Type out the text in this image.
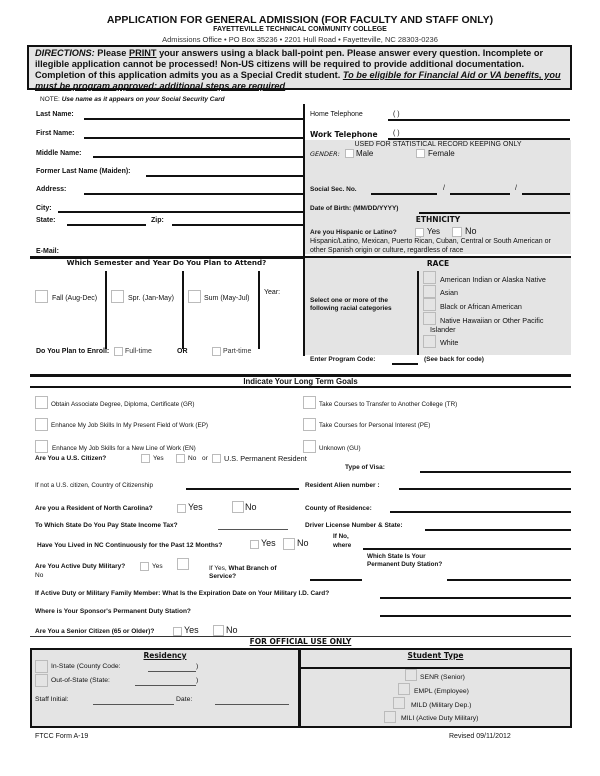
APPLICATION FOR GENERAL ADMISSION (FOR FACULTY AND STAFF ONLY)
FAYETTEVILLE TECHNICAL COMMUNITY COLLEGE
Admissions Office • PO Box 35236 • 2201 Hull Road • Fayetteville, NC 28303-0236
DIRECTIONS: Please PRINT your answers using a black ball-point pen. Please answer every question. Incomplete or illegible application cannot be processed! Non-US citizens will be required to provide additional documentation. Completion of this application admits you as a Special Credit student. To be eligible for Financial Aid or VA benefits, you must be program approved; additional steps are required.
NOTE: Use name as it appears on your Social Security Card
Last Name:
First Name:
Middle Name:
Former Last Name (Maiden):
Address:
City:
State:	Zip:
E-Mail:
Home Telephone	( )
Work Telephone ( )
USED FOR STATISTICAL RECORD KEEPING ONLY
GENDER: Male	Female
Social Sec. No.	/	/
Date of Birth: (MM/DD/YYYY)
ETHNICITY
Are you Hispanic or Latino?	Yes	No
Hispanic/Latino, Mexican, Puerto Rican, Cuban, Central or South American or other Spanish origin or culture, regardless of race
Which Semester and Year Do You Plan to Attend?
Fall (Aug-Dec)	Spr. (Jan-May)	Sum (May-Jul)
Year:
Do You Plan to Enroll: Full-time	OR	Part-time
RACE
Select one or more of the following racial categories
American Indian or Alaska Native
Asian
Black or African American
Native Hawaiian or Other Pacific
Islander
White
Enter Program Code:	(See back for code)
Indicate Your Long Term Goals
Obtain Associate Degree, Diploma, Certificate (GR)
Enhance My Job Skills In My Present Field of Work (EP)
Enhance My Job Skills for a New Line of Work (EN)
Take Courses to Transfer to Another College (TR)
Take Courses for Personal Interest (PE)
Unknown (GU)
Are You a U.S. Citizen?	Yes	No or U.S. Permanent Resident
Type of Visa:
If not a U.S. citizen, Country of Citizenship	Resident Alien number :
Are you a Resident of North Carolina?	Yes	No	County of Residence:
To Which State Do You Pay State Income Tax?	Driver License Number & State:
Have You Lived in NC Continuously for the Past 12 Months?	Yes No
If No,
where
Are You Active Duty Military?	Yes
No
If Yes, What Branch of
Service?
Which State Is Your Permanent Duty Station?
If Active Duty or Military Family Member: What Is the Expiration Date on Your Military I.D. Card?
Where is Your Sponsor's Permanent Duty Station?
Are You a Senior Citizen (65 or Older)?	Yes	No
FOR OFFICIAL USE ONLY
Residency
In-State (County Code:	)
Out-of-State (State:	)
Staff Initial:	Date:
Student Type
SENR (Senior)
EMPL (Employee)
MILD (Military Dep.)
MILI (Active Duty Military)
FTCC Form A-19	Revised 09/11/2012
